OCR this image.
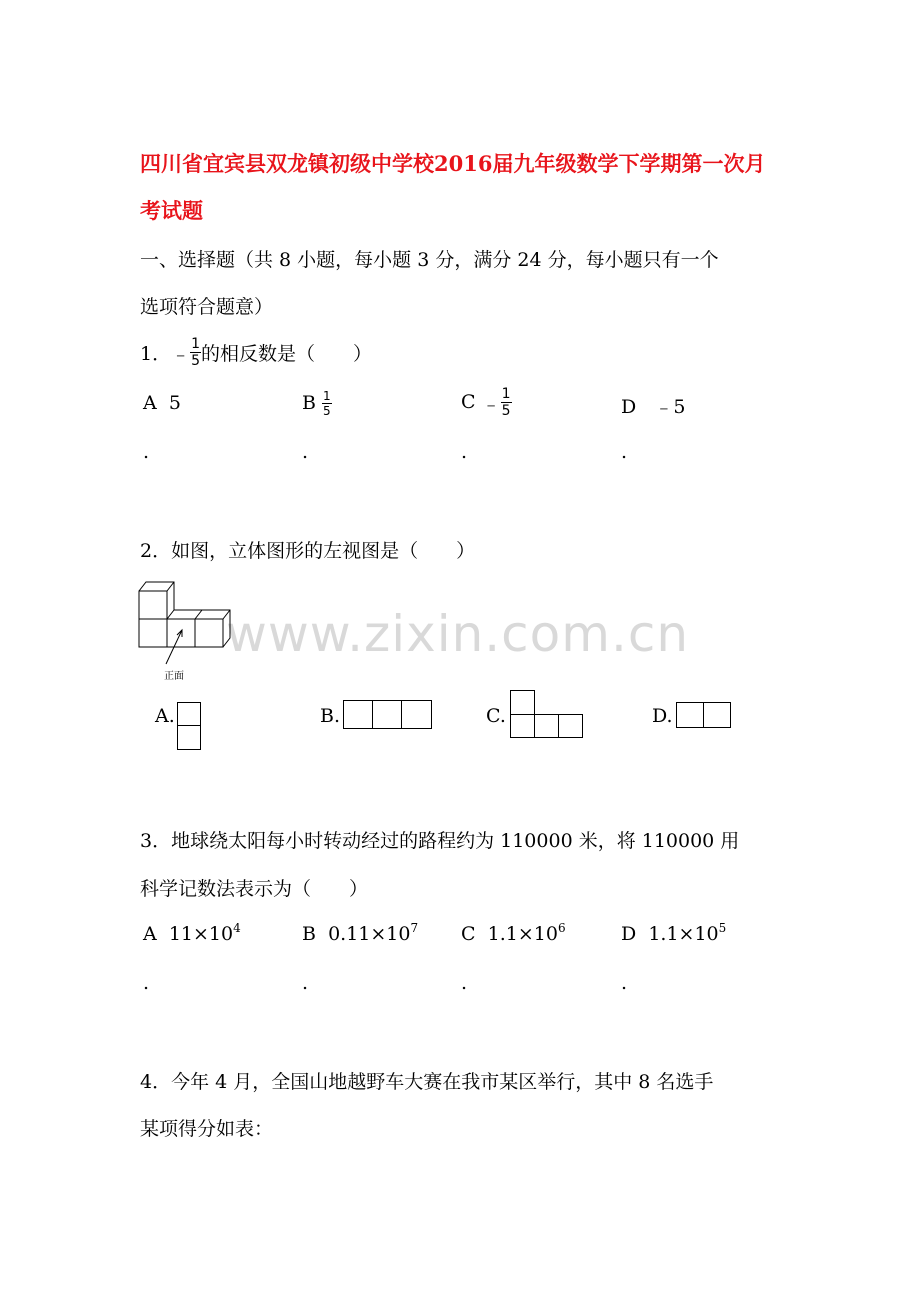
www.zixin.com.cn
四川省宜宾县双龙镇初级中学校2016届九年级数学下学期第一次月
考试题
一、选择题（共 8 小题，每小题 3 分，满分 24 分，每小题只有一个
选项符合题意）
1． ﹣ $\frac{1}{5}$ 的相反数是（　　）
A 5	B
$\frac{1}{5}$	C
﹣ $\frac{1}{5}$	D ﹣5
.	.	.	.
2．如图，立体图形的左视图是（　　）
正面
A.	B.	C.	D.
3．地球绕太阳每小时转动经过的路程约为 110000 米，将 110000 用
科学记数法表示为（　　）
A $11\times 10^4$	B $0.11\times 10^7$ C $1.1\times 10^6$	D $1.1\times 10^5$
.	.	.	.
4．今年 4 月，全国山地越野车大赛在我市某区举行，其中 8 名选手
某项得分如表：
